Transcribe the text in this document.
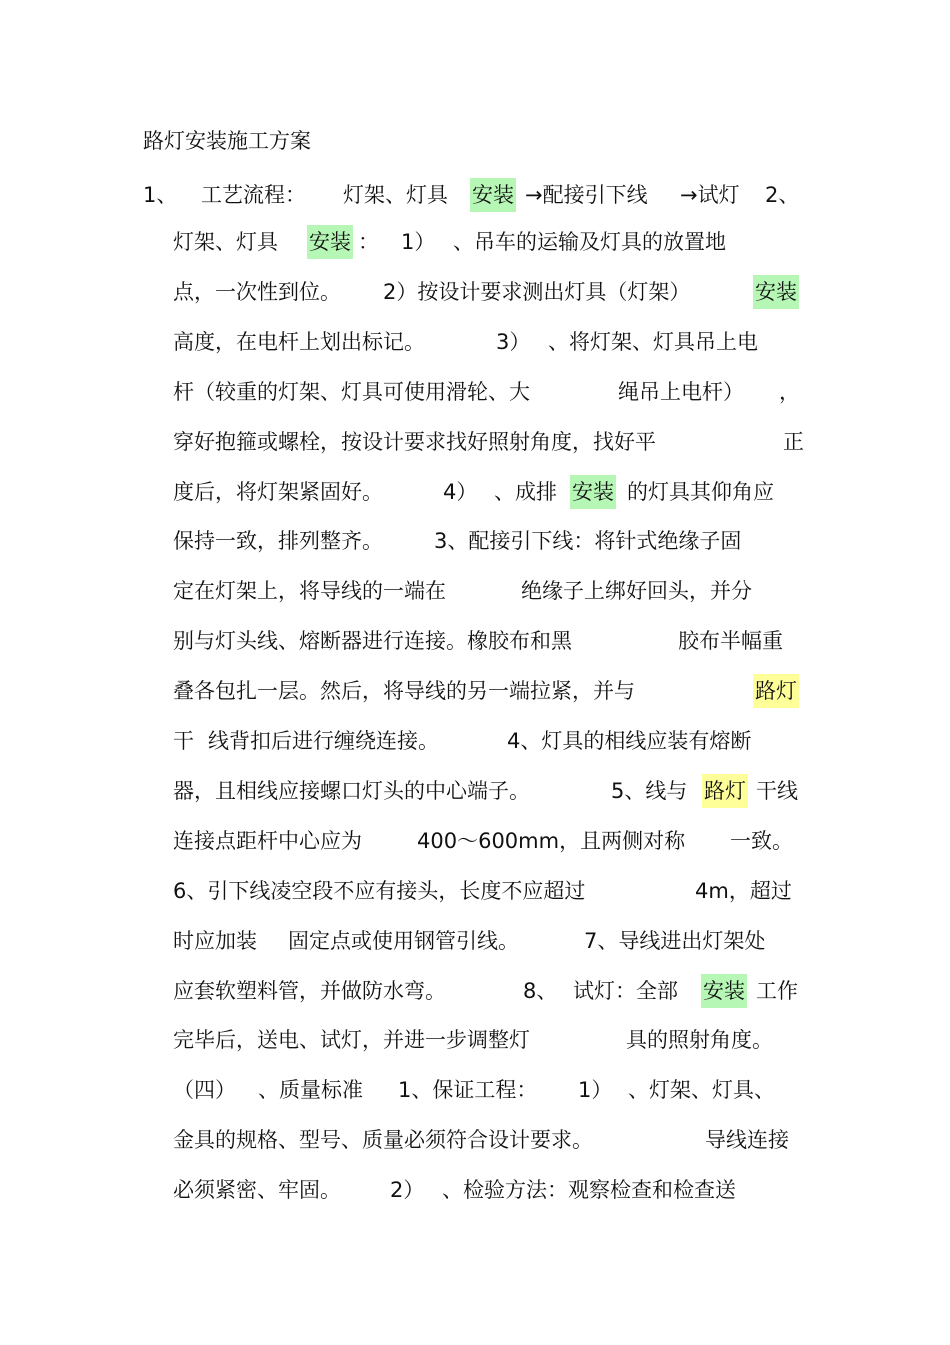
路灯安装施工方案
1、 工艺流程： 灯架、灯具 安装 →配接引下线 →试灯 2、
灯架、灯具 安装 ： 1） 、吊车的运输及灯具的放置地
点，一次性到位。 2）按设计要求测出灯具（灯架）	安装
高度，在电杆上划出标记。	3） 、将灯架、灯具吊上电
杆（较重的灯架、灯具可使用滑轮、大	绳吊上电杆） ，
穿好抱箍或螺栓，按设计要求找好照射角度，找好平	正
度后，将灯架紧固好。	4） 、成排 安装 的灯具其仰角应
保持一致，排列整齐。 3、配接引下线：将针式绝缘子固
定在灯架上，将导线的一端在	绝缘子上绑好回头，并分
别与灯头线、熔断器进行连接。橡胶布和黑	胶布半幅重
叠各包扎一层。然后，将导线的另一端拉紧，并与	路灯
干 线背扣后进行缠绕连接。	4、灯具的相线应装有熔断
器，且相线应接螺口灯头的中心端子。	5、线与 路灯 干线
连接点距杆中心应为	400～600mm，且两侧对称 一致。
6、引下线凌空段不应有接头，长度不应超过	4m，超过
时应加装 固定点或使用钢管引线。	7、导线进出灯架处
应套软塑料管，并做防水弯。	8、 试灯：全部 安装 工作
完毕后，送电、试灯，并进一步调整灯	具的照射角度。
（四） 、质量标准 1、保证工程： 1） 、灯架、灯具、
金具的规格、型号、质量必须符合设计要求。	导线连接
必须紧密、牢固。 2） 、检验方法：观察检查和检查送
